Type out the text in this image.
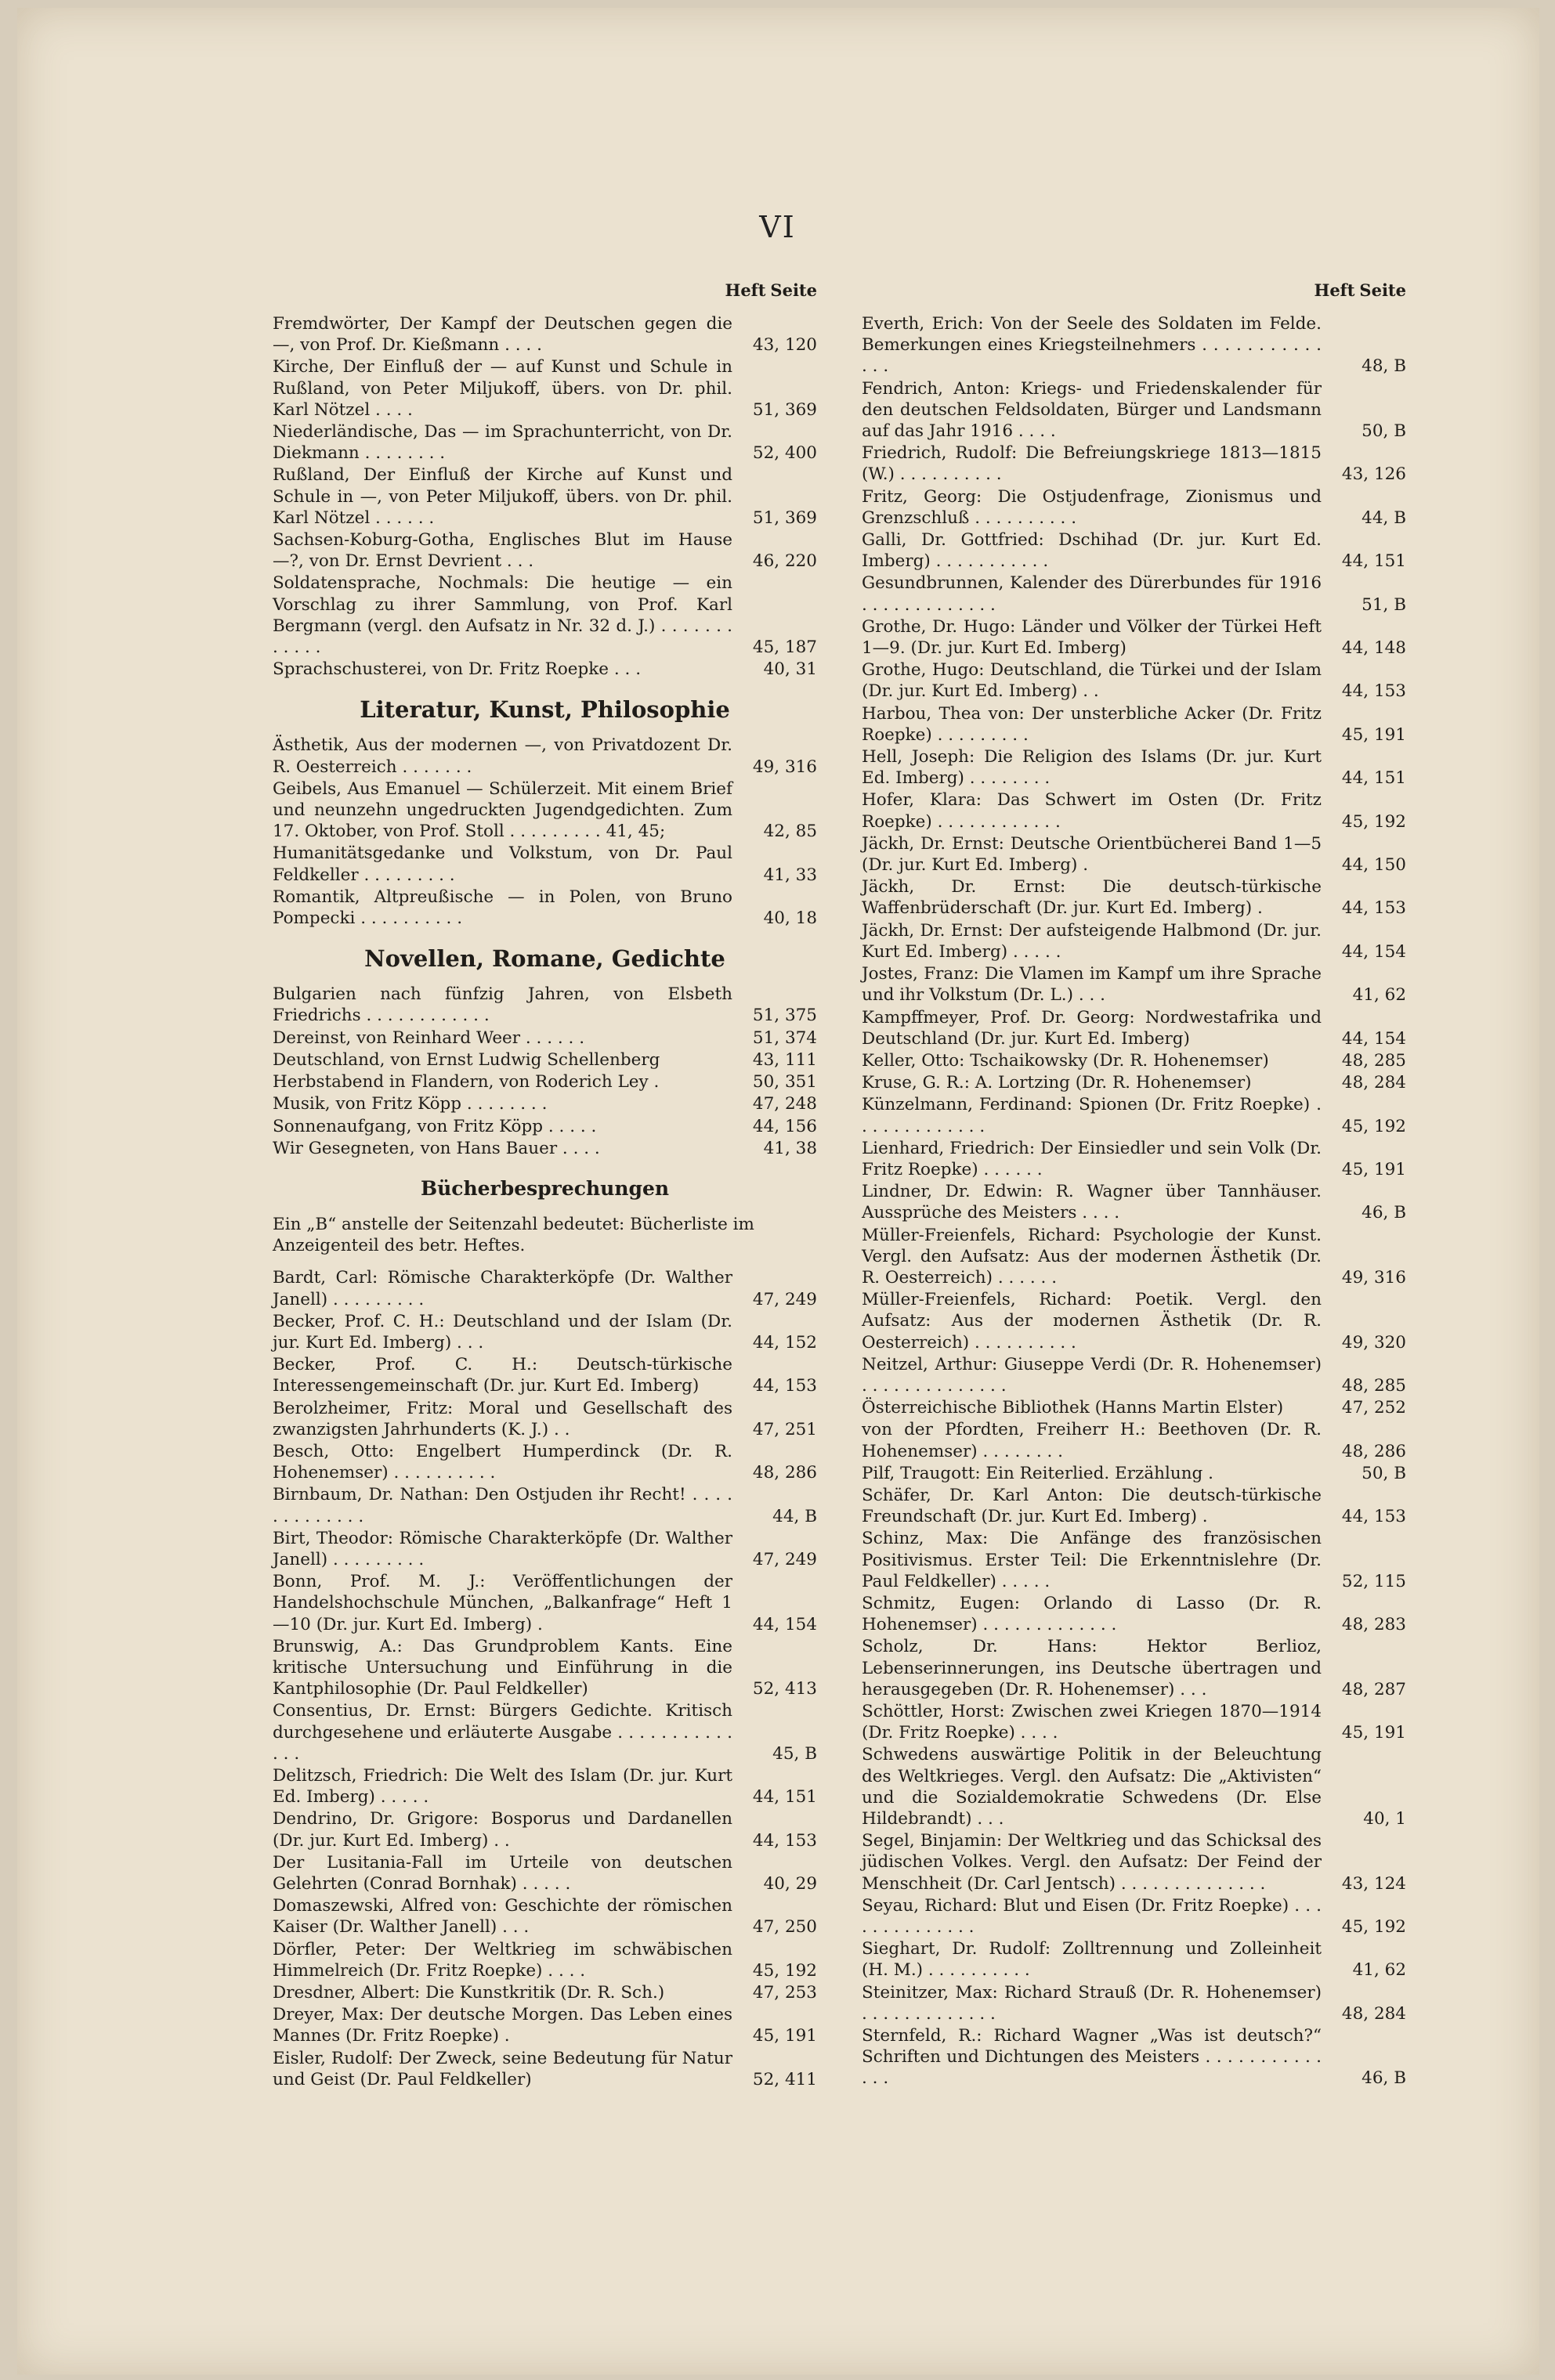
VI
Heft Seite
Fremdwörter, Der Kampf der Deutschen gegen die —, von Prof. Dr. Kießmann . . . .	43, 120
Kirche, Der Einfluß der — auf Kunst und Schule in Rußland, von Peter Miljukoff, übers. von Dr. phil. Karl Nötzel . . . .	51, 369
Niederländische, Das — im Sprachunterricht, von Dr. Diekmann . . . . . . . .	52, 400
Rußland, Der Einfluß der Kirche auf Kunst und Schule in —, von Peter Miljukoff, übers. von Dr. phil. Karl Nötzel . . . . . .	51, 369
Sachsen-Koburg-Gotha, Englisches Blut im Hause —?, von Dr. Ernst Devrient . . .	46, 220
Soldatensprache, Nochmals: Die heutige — ein Vorschlag zu ihrer Sammlung, von Prof. Karl Bergmann (vergl. den Aufsatz in Nr. 32 d. J.) . . . . . . . . . . . .	45, 187
Sprachschusterei, von Dr. Fritz Roepke . . .	40, 31
Literatur, Kunst, Philosophie
Ästhetik, Aus der modernen —, von Privatdozent Dr. R. Oesterreich . . . . . . .	49, 316
Geibels, Aus Emanuel — Schülerzeit. Mit einem Brief und neunzehn ungedruckten Jugendgedichten. Zum 17. Oktober, von Prof. Stoll . . . . . . . . . 41, 45;	42, 85
Humanitätsgedanke und Volkstum, von Dr. Paul Feldkeller . . . . . . . . .	41, 33
Romantik, Altpreußische — in Polen, von Bruno Pompecki . . . . . . . . . .	40, 18
Novellen, Romane, Gedichte
Bulgarien nach fünfzig Jahren, von Elsbeth Friedrichs . . . . . . . . . . . .	51, 375
Dereinst, von Reinhard Weer . . . . . .	51, 374
Deutschland, von Ernst Ludwig Schellenberg	43, 111
Herbstabend in Flandern, von Roderich Ley .	50, 351
Musik, von Fritz Köpp . . . . . . . .	47, 248
Sonnenaufgang, von Fritz Köpp . . . . .	44, 156
Wir Gesegneten, von Hans Bauer . . . .	41, 38
Bücherbesprechungen
Ein „B“ anstelle der Seitenzahl bedeutet: Bücherliste im Anzeigenteil des betr. Heftes.
Bardt, Carl: Römische Charakterköpfe (Dr. Walther Janell) . . . . . . . . .	47, 249
Becker, Prof. C. H.: Deutschland und der Islam (Dr. jur. Kurt Ed. Imberg) . . .	44, 152
Becker, Prof. C. H.: Deutsch-türkische Interessengemeinschaft (Dr. jur. Kurt Ed. Imberg)	44, 153
Berolzheimer, Fritz: Moral und Gesellschaft des zwanzigsten Jahrhunderts (K. J.) . .	47, 251
Besch, Otto: Engelbert Humperdinck (Dr. R. Hohenemser) . . . . . . . . . .	48, 286
Birnbaum, Dr. Nathan: Den Ostjuden ihr Recht! . . . . . . . . . . . . .	44, B
Birt, Theodor: Römische Charakterköpfe (Dr. Walther Janell) . . . . . . . . .	47, 249
Bonn, Prof. M. J.: Veröffentlichungen der Handelshochschule München, „Balkanfrage“ Heft 1—10 (Dr. jur. Kurt Ed. Imberg) .	44, 154
Brunswig, A.: Das Grundproblem Kants. Eine kritische Untersuchung und Einführung in die Kantphilosophie (Dr. Paul Feldkeller)	52, 413
Consentius, Dr. Ernst: Bürgers Gedichte. Kritisch durchgesehene und erläuterte Ausgabe . . . . . . . . . . . . . .	45, B
Delitzsch, Friedrich: Die Welt des Islam (Dr. jur. Kurt Ed. Imberg) . . . . .	44, 151
Dendrino, Dr. Grigore: Bosporus und Dardanellen (Dr. jur. Kurt Ed. Imberg) . .	44, 153
Der Lusitania-Fall im Urteile von deutschen Gelehrten (Conrad Bornhak) . . . . .	40, 29
Domaszewski, Alfred von: Geschichte der römischen Kaiser (Dr. Walther Janell) . . .	47, 250
Dörfler, Peter: Der Weltkrieg im schwäbischen Himmelreich (Dr. Fritz Roepke) . . . .	45, 192
Dresdner, Albert: Die Kunstkritik (Dr. R. Sch.)	47, 253
Dreyer, Max: Der deutsche Morgen. Das Leben eines Mannes (Dr. Fritz Roepke) .	45, 191
Eisler, Rudolf: Der Zweck, seine Bedeutung für Natur und Geist (Dr. Paul Feldkeller)	52, 411
Heft Seite
Everth, Erich: Von der Seele des Soldaten im Felde. Bemerkungen eines Kriegsteilnehmers . . . . . . . . . . . . . .	48, B
Fendrich, Anton: Kriegs- und Friedenskalender für den deutschen Feldsoldaten, Bürger und Landsmann auf das Jahr 1916 . . . .	50, B
Friedrich, Rudolf: Die Befreiungskriege 1813—1815 (W.) . . . . . . . . . .	43, 126
Fritz, Georg: Die Ostjudenfrage, Zionismus und Grenzschluß . . . . . . . . . .	44, B
Galli, Dr. Gottfried: Dschihad (Dr. jur. Kurt Ed. Imberg) . . . . . . . . . . .	44, 151
Gesundbrunnen, Kalender des Dürerbundes für 1916 . . . . . . . . . . . . .	51, B
Grothe, Dr. Hugo: Länder und Völker der Türkei Heft 1—9. (Dr. jur. Kurt Ed. Imberg)	44, 148
Grothe, Hugo: Deutschland, die Türkei und der Islam (Dr. jur. Kurt Ed. Imberg) . .	44, 153
Harbou, Thea von: Der unsterbliche Acker (Dr. Fritz Roepke) . . . . . . . . .	45, 191
Hell, Joseph: Die Religion des Islams (Dr. jur. Kurt Ed. Imberg) . . . . . . . .	44, 151
Hofer, Klara: Das Schwert im Osten (Dr. Fritz Roepke) . . . . . . . . . . . .	45, 192
Jäckh, Dr. Ernst: Deutsche Orientbücherei Band 1—5 (Dr. jur. Kurt Ed. Imberg) .	44, 150
Jäckh, Dr. Ernst: Die deutsch-türkische Waffenbrüderschaft (Dr. jur. Kurt Ed. Imberg) .	44, 153
Jäckh, Dr. Ernst: Der aufsteigende Halbmond (Dr. jur. Kurt Ed. Imberg) . . . . .	44, 154
Jostes, Franz: Die Vlamen im Kampf um ihre Sprache und ihr Volkstum (Dr. L.) . . .	41, 62
Kampffmeyer, Prof. Dr. Georg: Nordwestafrika und Deutschland (Dr. jur. Kurt Ed. Imberg)	44, 154
Keller, Otto: Tschaikowsky (Dr. R. Hohenemser)	48, 285
Kruse, G. R.: A. Lortzing (Dr. R. Hohenemser)	48, 284
Künzelmann, Ferdinand: Spionen (Dr. Fritz Roepke) . . . . . . . . . . . . .	45, 192
Lienhard, Friedrich: Der Einsiedler und sein Volk (Dr. Fritz Roepke) . . . . . .	45, 191
Lindner, Dr. Edwin: R. Wagner über Tannhäuser. Aussprüche des Meisters . . . .	46, B
Müller-Freienfels, Richard: Psychologie der Kunst. Vergl. den Aufsatz: Aus der modernen Ästhetik (Dr. R. Oesterreich) . . . . . .	49, 316
Müller-Freienfels, Richard: Poetik. Vergl. den Aufsatz: Aus der modernen Ästhetik (Dr. R. Oesterreich) . . . . . . . . . .	49, 320
Neitzel, Arthur: Giuseppe Verdi (Dr. R. Hohenemser) . . . . . . . . . . . . . .	48, 285
Österreichische Bibliothek (Hanns Martin Elster)	47, 252
von der Pfordten, Freiherr H.: Beethoven (Dr. R. Hohenemser) . . . . . . . .	48, 286
Pilf, Traugott: Ein Reiterlied. Erzählung .	50, B
Schäfer, Dr. Karl Anton: Die deutsch-türkische Freundschaft (Dr. jur. Kurt Ed. Imberg) .	44, 153
Schinz, Max: Die Anfänge des französischen Positivismus. Erster Teil: Die Erkenntnislehre (Dr. Paul Feldkeller) . . . . .	52, 115
Schmitz, Eugen: Orlando di Lasso (Dr. R. Hohenemser) . . . . . . . . . . . . .	48, 283
Scholz, Dr. Hans: Hektor Berlioz, Lebenserinnerungen, ins Deutsche übertragen und herausgegeben (Dr. R. Hohenemser) . . .	48, 287
Schöttler, Horst: Zwischen zwei Kriegen 1870—1914 (Dr. Fritz Roepke) . . . .	45, 191
Schwedens auswärtige Politik in der Beleuchtung des Weltkrieges. Vergl. den Aufsatz: Die „Aktivisten“ und die Sozialdemokratie Schwedens (Dr. Else Hildebrandt) . . .	40, 1
Segel, Binjamin: Der Weltkrieg und das Schicksal des jüdischen Volkes. Vergl. den Aufsatz: Der Feind der Menschheit (Dr. Carl Jentsch) . . . . . . . . . . . . . .	43, 124
Seyau, Richard: Blut und Eisen (Dr. Fritz Roepke) . . . . . . . . . . . . . .	45, 192
Sieghart, Dr. Rudolf: Zolltrennung und Zolleinheit (H. M.) . . . . . . . . . .	41, 62
Steinitzer, Max: Richard Strauß (Dr. R. Hohenemser) . . . . . . . . . . . . .	48, 284
Sternfeld, R.: Richard Wagner „Was ist deutsch?“ Schriften und Dichtungen des Meisters . . . . . . . . . . . . . .	46, B
